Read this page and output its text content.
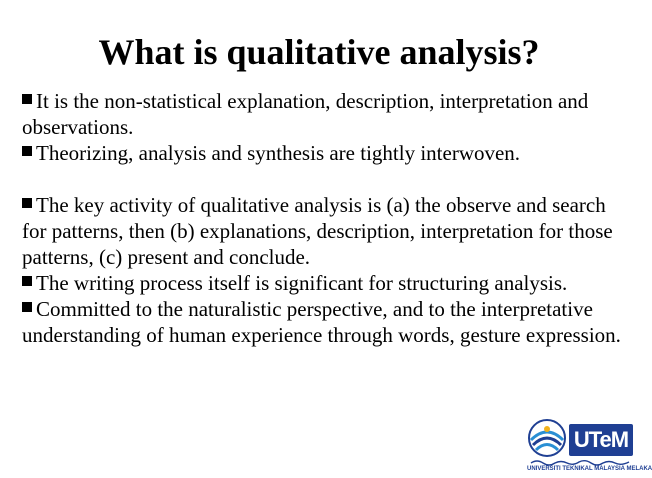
What is qualitative analysis?

It is the non-statistical explanation, description, interpretation and observations.

Theorizing, analysis and synthesis are tightly interwoven.

The key activity of qualitative analysis is (a) the observe and search for patterns, then (b) explanations, description, interpretation for those patterns, (c) present and conclude.

The writing process itself is significant for structuring analysis.

Committed to the naturalistic perspective, and to the interpretative understanding of human experience through words, gesture expression.

UTeM
UNIVERSITI TEKNIKAL MALAYSIA MELAKA
